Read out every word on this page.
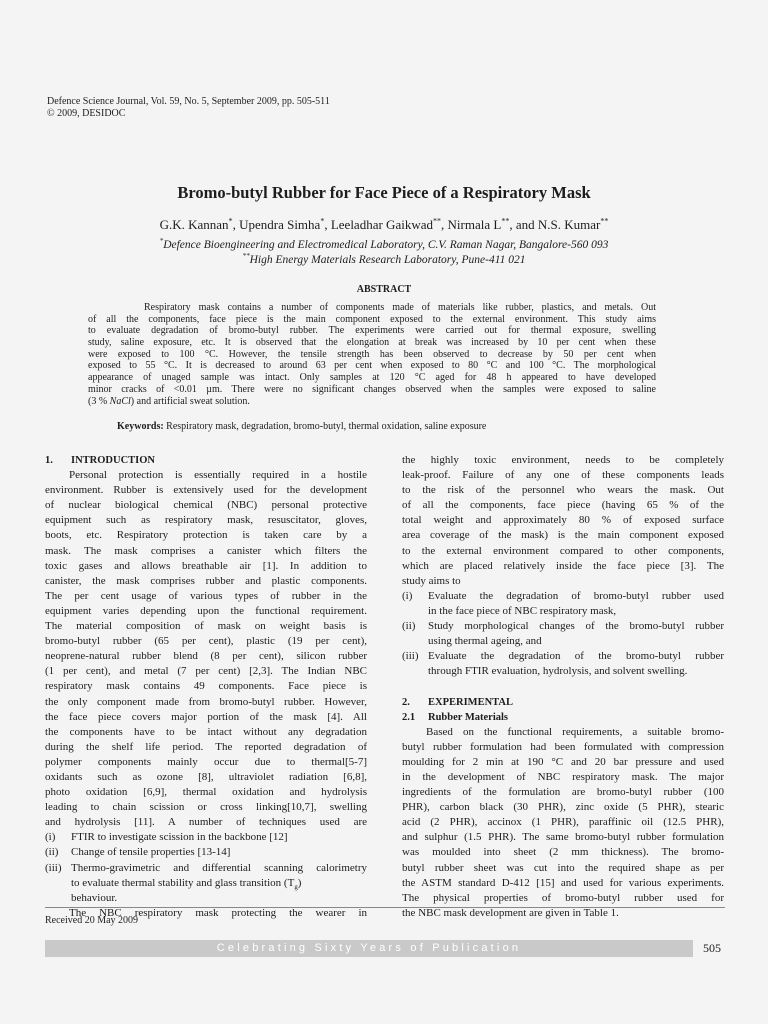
Defence Science Journal, Vol. 59, No. 5, September 2009, pp. 505-511
© 2009, DESIDOC
Bromo-butyl Rubber for Face Piece of a Respiratory Mask
G.K. Kannan*, Upendra Simha*, Leeladhar Gaikwad**, Nirmala L**, and N.S. Kumar**
*Defence Bioengineering and Electromedical Laboratory, C.V. Raman Nagar, Bangalore-560 093
**High Energy Materials Research Laboratory, Pune-411 021
ABSTRACT
Respiratory mask contains a number of components made of materials like rubber, plastics, and metals. Out
of all the components, face piece is the main component exposed to the external environment. This study aims
to evaluate degradation of bromo-butyl rubber. The experiments were carried out for thermal exposure, swelling
study, saline exposure, etc. It is observed that the elongation at break was increased by 10 per cent when these
were exposed to 100 °C. However, the tensile strength has been observed to decrease by 50 per cent when
exposed to 55 °C. It is decreased to around 63 per cent when exposed to 80 °C and 100 °C. The morphological
appearance of unaged sample was intact. Only samples at 120 °C aged for 48 h appeared to have developed
minor cracks of <0.01 µm. There were no significant changes observed when the samples were exposed to saline
(3 % NaCl) and artificial sweat solution.
Keywords: Respiratory mask, degradation, bromo-butyl, thermal oxidation, saline exposure
1. INTRODUCTION
Personal protection is essentially required in a hostile
environment. Rubber is extensively used for the development
of nuclear biological chemical (NBC) personal protective
equipment such as respiratory mask, resuscitator, gloves,
boots, etc. Respiratory protection is taken care by a
mask. The mask comprises a canister which filters the
toxic gases and allows breathable air [1]. In addition to
canister, the mask comprises rubber and plastic components.
The per cent usage of various types of rubber in the
equipment varies depending upon the functional requirement.
The material composition of mask on weight basis is
bromo-butyl rubber (65 per cent), plastic (19 per cent),
neoprene-natural rubber blend (8 per cent), silicon rubber
(1 per cent), and metal (7 per cent) [2,3]. The Indian NBC
respiratory mask contains 49 components. Face piece is
the only component made from bromo-butyl rubber. However,
the face piece covers major portion of the mask [4]. All
the components have to be intact without any degradation
during the shelf life period. The reported degradation of
polymer components mainly occur due to thermal[5-7]
oxidants such as ozone [8], ultraviolet radiation [6,8],
photo oxidation [6,9], thermal oxidation and hydrolysis
leading to chain scission or cross linking[10,7], swelling
and hydrolysis [11]. A number of techniques used are
(i) FTIR to investigate scission in the backbone [12]
(ii) Change of tensile properties [13-14]
(iii) Thermo-gravimetric and differential scanning calorimetry
to evaluate thermal stability and glass transition $(T_g)$
behaviour.
The NBC respiratory mask protecting the wearer in
the highly toxic environment, needs to be completely
leak-proof. Failure of any one of these components leads
to the risk of the personnel who wears the mask. Out
of all the components, face piece (having 65 % of the
total weight and approximately 80 % of exposed surface
area coverage of the mask) is the main component exposed
to the external environment compared to other components,
which are placed relatively inside the face piece [3]. The
study aims to
(i) Evaluate the degradation of bromo-butyl rubber used
in the face piece of NBC respiratory mask,
(ii) Study morphological changes of the bromo-butyl rubber
using thermal ageing, and
(iii) Evaluate the degradation of the bromo-butyl rubber
through FTIR evaluation, hydrolysis, and solvent swelling.
2. EXPERIMENTAL
2.1 Rubber Materials
Based on the functional requirements, a suitable bromo-
butyl rubber formulation had been formulated with compression
moulding for 2 min at 190 °C and 20 bar pressure and used
in the development of NBC respiratory mask. The major
ingredients of the formulation are bromo-butyl rubber (100
PHR), carbon black (30 PHR), zinc oxide (5 PHR), stearic
acid (2 PHR), accinox (1 PHR), paraffinic oil (12.5 PHR),
and sulphur (1.5 PHR). The same bromo-butyl rubber formulation
was moulded into sheet (2 mm thickness). The bromo-
butyl rubber sheet was cut into the required shape as per
the ASTM standard D-412 [15] and used for various experiments.
The physical properties of bromo-butyl rubber used for
the NBC mask development are given in Table 1.
Received 20 May 2009
Celebrating Sixty Years of Publication	505
